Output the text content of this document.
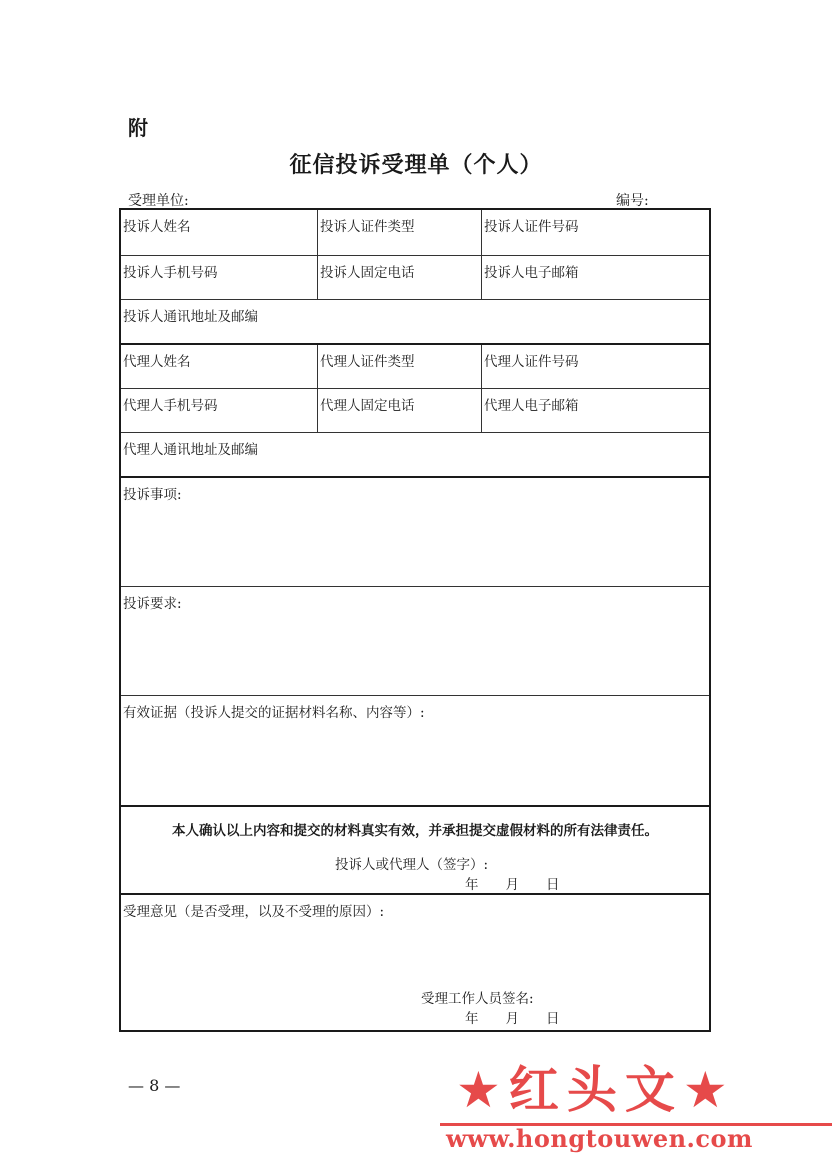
附
征信投诉受理单（个人）
受理单位:	编号:
投诉人姓名	投诉人证件类型	投诉人证件号码
投诉人手机号码	投诉人固定电话	投诉人电子邮箱
投诉人通讯地址及邮编
代理人姓名	代理人证件类型	代理人证件号码
代理人手机号码	代理人固定电话	代理人电子邮箱
代理人通讯地址及邮编
投诉事项:
投诉要求:
有效证据（投诉人提交的证据材料名称、内容等）:
本人确认以上内容和提交的材料真实有效，并承担提交虚假材料的所有法律责任。
投诉人或代理人（签字）:
年　　月　　日
受理意见（是否受理，以及不受理的原因）:
受理工作人员签名:
年　　月　　日
— 8 —	★红头文★
www.hongtouwen.com
